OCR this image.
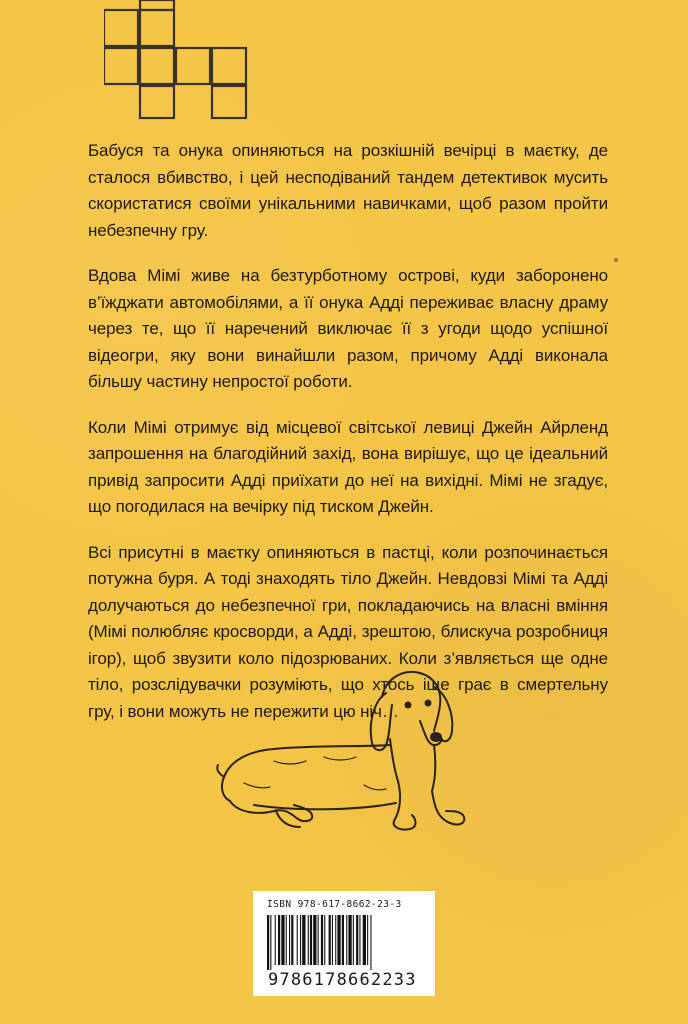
Бабуся та онука опиняються на розкішній вечірці в маєтку, де сталося вбивство, і цей несподіваний тандем детективок мусить скористатися своїми унікальними навичками, щоб разом пройти небезпечну гру.

Вдова Мімі живе на безтурботному острові, куди заборонено в’їжджати автомобілями, а її онука Адді переживає власну драму через те, що її наречений виключає її з угоди щодо успішної відеогри, яку вони винайшли разом, причому Адді виконала більшу частину непростої роботи.

Коли Мімі отримує від місцевої світської левиці Джейн Айрленд запрошення на благодійний захід, вона вирішує, що це ідеальний привід запросити Адді приїхати до неї на вихідні. Мімі не згадує, що погодилася на вечірку під тиском Джейн.

Всі присутні в маєтку опиняються в пастці, коли розпочинається потужна буря. А тоді знаходять тіло Джейн. Невдовзі Мімі та Адді долучаються до небезпечної гри, покладаючись на власні вміння (Мімі полюбляє кросворди, а Адді, зрештою, блискуча розробниця ігор), щоб звузити коло підозрюваних. Коли з’являється ще одне тіло, розслідувачки розуміють, що хтось іще грає в смертельну гру, і вони можуть не пережити цю ніч…

ISBN 978-617-8662-23-3
9786178662233
